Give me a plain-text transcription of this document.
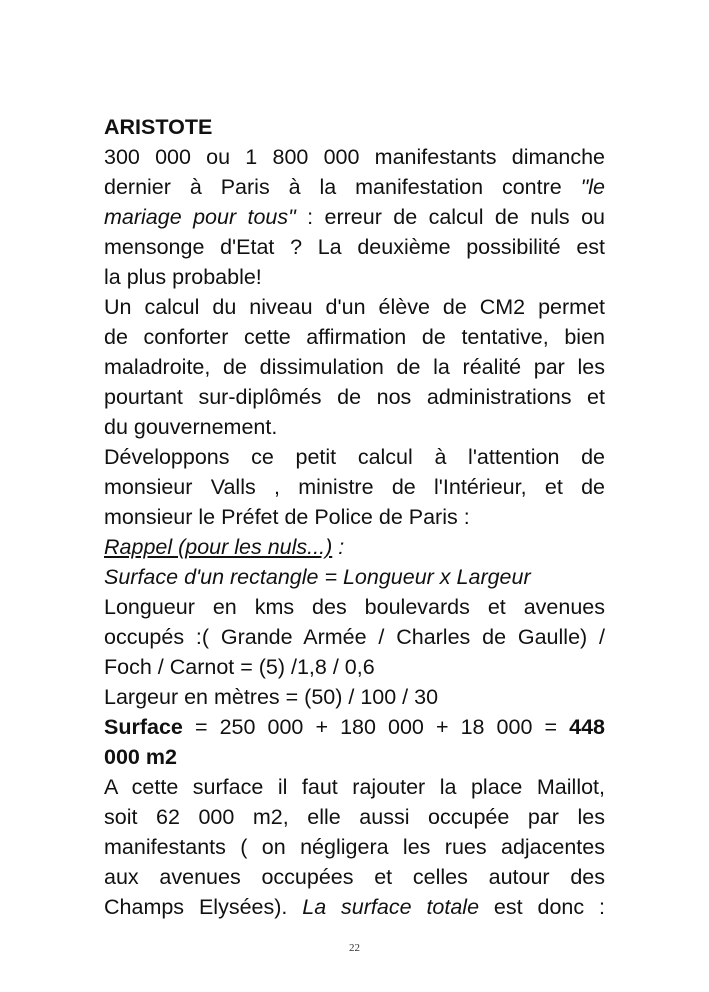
ARISTOTE
300 000 ou 1 800 000 manifestants dimanche
dernier à Paris à la manifestation contre "le
mariage pour tous" : erreur de calcul de nuls ou
mensonge d'Etat ? La deuxième possibilité est
la plus probable!
Un calcul du niveau d'un élève de CM2 permet
de conforter cette affirmation de tentative, bien
maladroite, de dissimulation de la réalité par les
pourtant sur-diplômés de nos administrations et
du gouvernement.
Développons ce petit calcul à l'attention de
monsieur Valls , ministre de l'Intérieur, et de
monsieur le Préfet de Police de Paris :
Rappel (pour les nuls...) :
Surface d'un rectangle = Longueur x Largeur
Longueur en kms des boulevards et avenues
occupés :( Grande Armée / Charles de Gaulle) /
Foch / Carnot = (5) /1,8 / 0,6
Largeur en mètres = (50) / 100 / 30
Surface = 250 000 + 180 000 + 18 000 = 448
000 m2
A cette surface il faut rajouter la place Maillot,
soit 62 000 m2, elle aussi occupée par les
manifestants ( on négligera les rues adjacentes
aux avenues occupées et celles autour des
Champs Elysées). La surface totale est donc :
22
